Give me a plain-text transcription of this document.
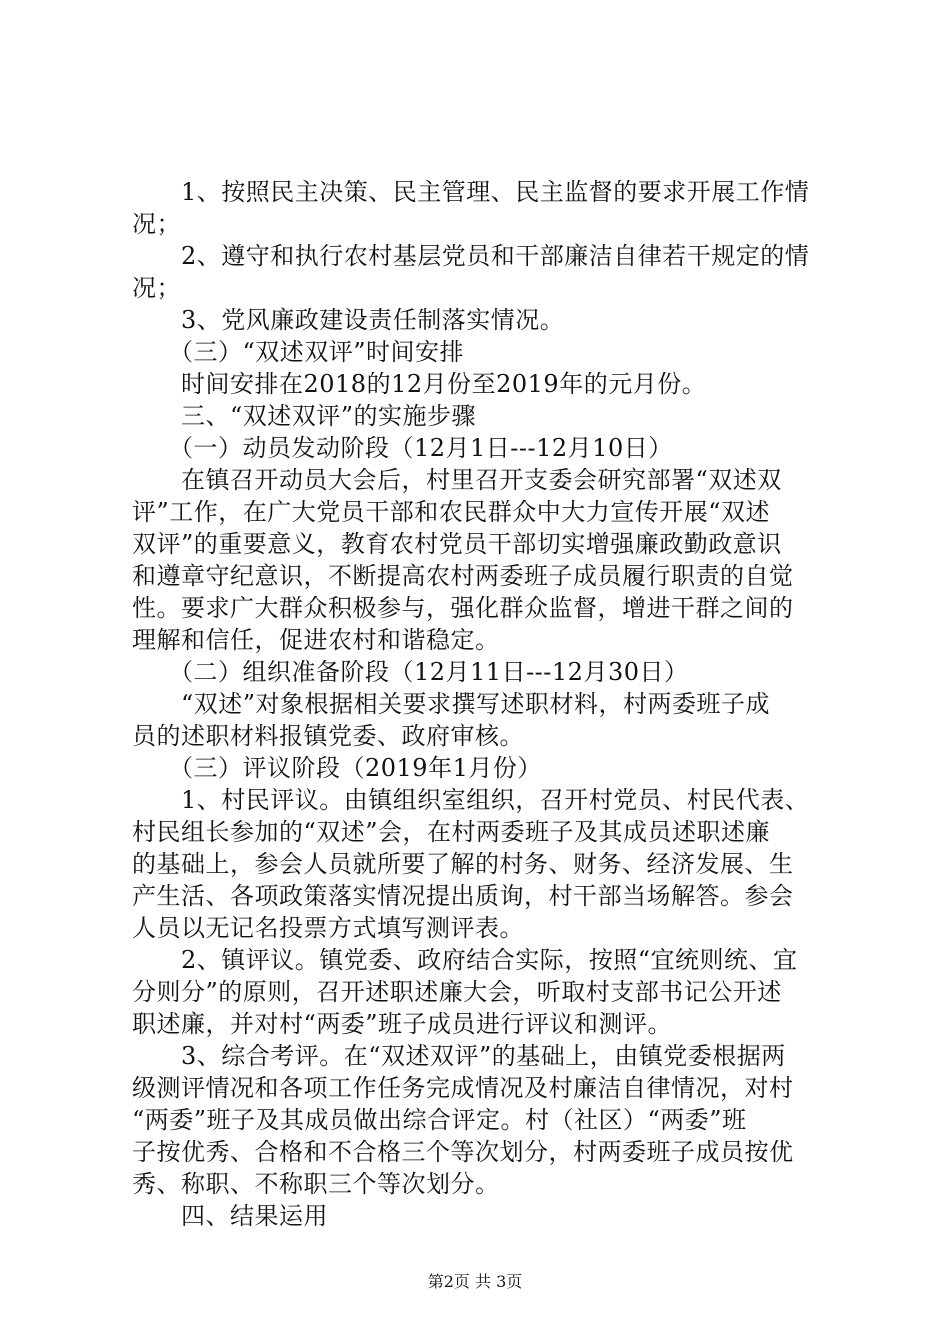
　　1、按照民主决策、民主管理、民主监督的要求开展工作情
况；
　　2、遵守和执行农村基层党员和干部廉洁自律若干规定的情
况；
　　3、党风廉政建设责任制落实情况。
　　（三）“双述双评”时间安排
　　时间安排在2018的12月份至2019年的元月份。
　　三、“双述双评”的实施步骤
　　（一）动员发动阶段（12月1日---12月10日）
　　在镇召开动员大会后，村里召开支委会研究部署“双述双
评”工作，在广大党员干部和农民群众中大力宣传开展“双述
双评”的重要意义，教育农村党员干部切实增强廉政勤政意识
和遵章守纪意识，不断提高农村两委班子成员履行职责的自觉
性。要求广大群众积极参与，强化群众监督，增进干群之间的
理解和信任，促进农村和谐稳定。
　　（二）组织准备阶段（12月11日---12月30日）
　　“双述”对象根据相关要求撰写述职材料，村两委班子成
员的述职材料报镇党委、政府审核。
　　（三）评议阶段（2019年1月份）
　　1、村民评议。由镇组织室组织，召开村党员、村民代表、
村民组长参加的“双述”会，在村两委班子及其成员述职述廉
的基础上，参会人员就所要了解的村务、财务、经济发展、生
产生活、各项政策落实情况提出质询，村干部当场解答。参会
人员以无记名投票方式填写测评表。
　　2、镇评议。镇党委、政府结合实际，按照“宜统则统、宜
分则分”的原则，召开述职述廉大会，听取村支部书记公开述
职述廉，并对村“两委”班子成员进行评议和测评。
　　3、综合考评。在“双述双评”的基础上，由镇党委根据两
级测评情况和各项工作任务完成情况及村廉洁自律情况，对村
“两委”班子及其成员做出综合评定。村（社区）“两委”班
子按优秀、合格和不合格三个等次划分，村两委班子成员按优
秀、称职、不称职三个等次划分。
　　四、结果运用
第2页 共 3页
